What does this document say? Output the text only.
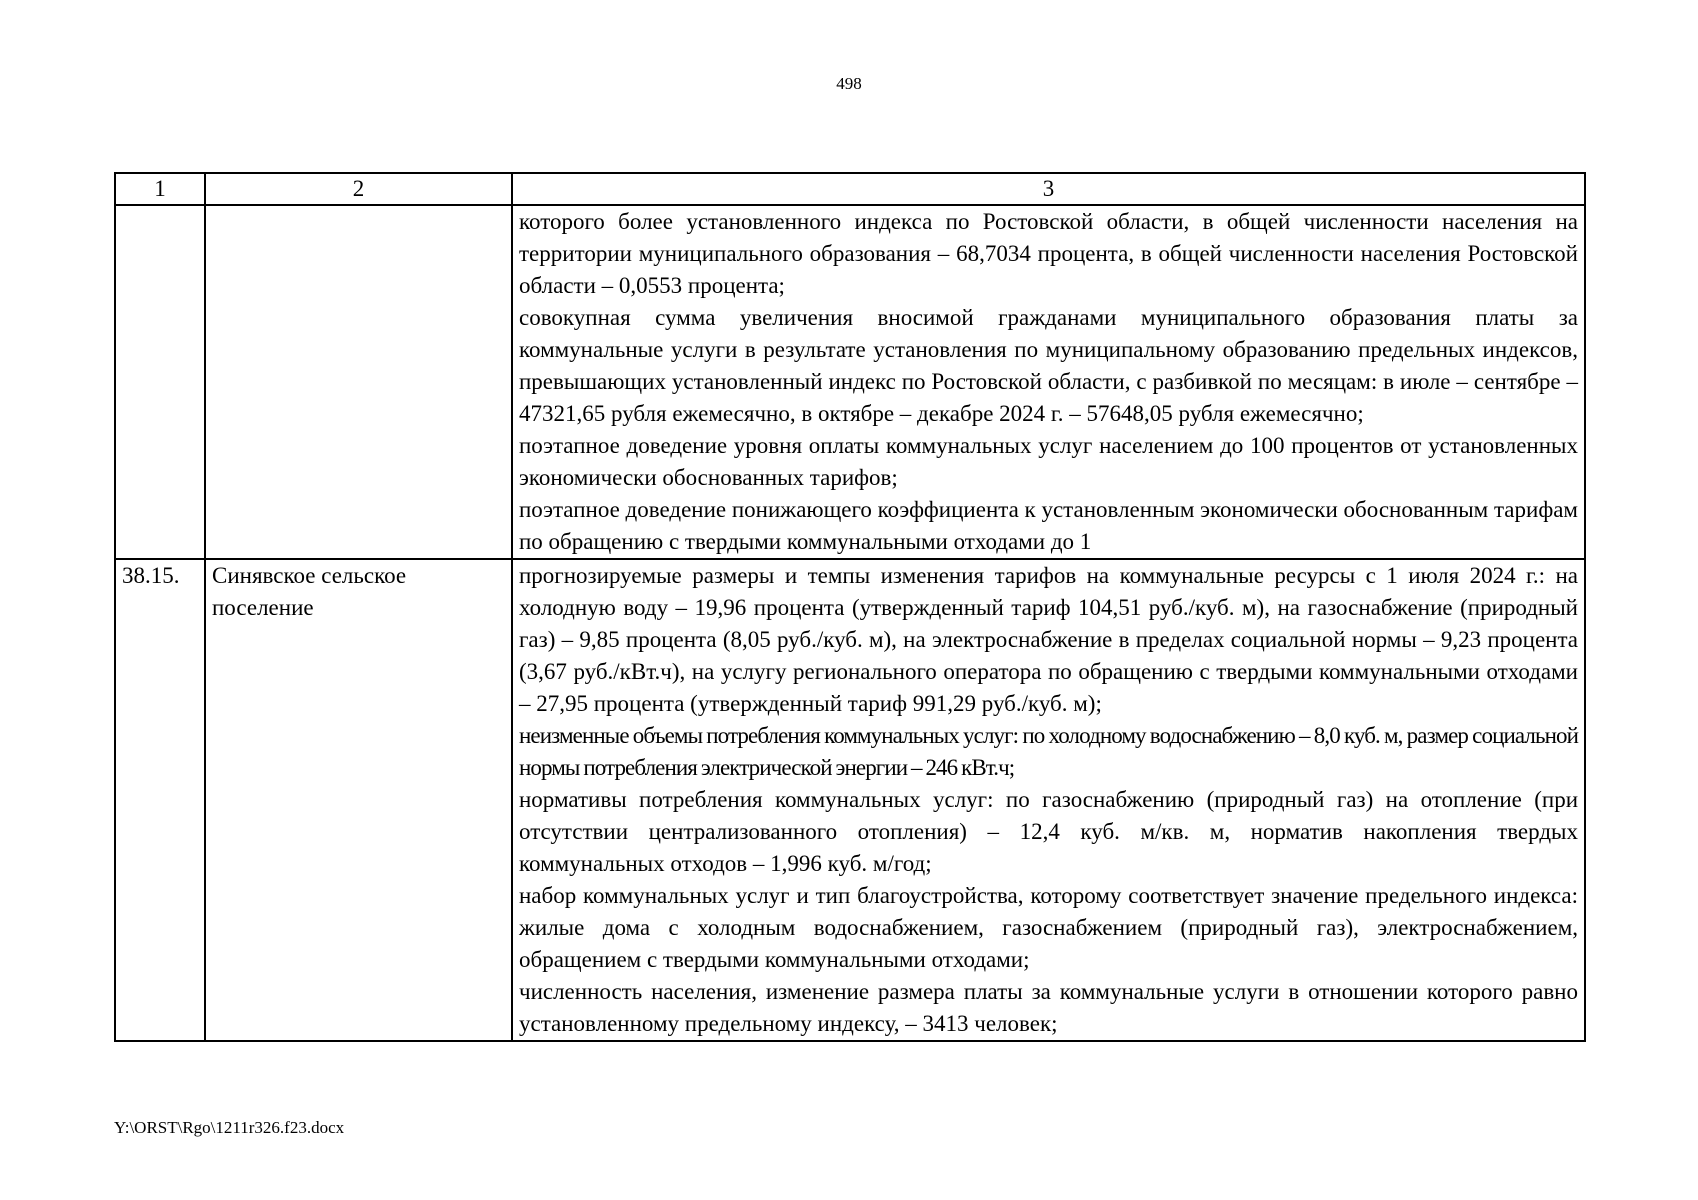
498
1	2	3

		которого более установленного индекса по Ростовской области, в общей численности населения на территории муниципального образования – 68,7034 процента, в общей численности населения Ростовской области – 0,0553 процента;

совокупная сумма увеличения вносимой гражданами муниципального образования платы за коммунальные услуги в результате установления по муниципальному образованию предельных индексов, превышающих установленный индекс по Ростовской области, с разбивкой по месяцам: в июле – сентябре – 47321,65 рубля ежемесячно, в октябре – декабре 2024 г. – 57648,05 рубля ежемесячно;

поэтапное доведение уровня оплаты коммунальных услуг населением до 100 процентов от установленных экономически обоснованных тарифов;

поэтапное доведение понижающего коэффициента к установленным экономически обоснованным тарифам по обращению с твердыми коммунальными отходами до 1

38.15.	Синявское сельское поселение	прогнозируемые размеры и темпы изменения тарифов на коммунальные ресурсы с 1 июля 2024 г.: на холодную воду – 19,96 процента (утвержденный тариф 104,51 руб./куб. м), на газоснабжение (природный газ) – 9,85 процента (8,05 руб./куб. м), на электроснабжение в пределах социальной нормы – 9,23 процента (3,67 руб./кВт.ч), на услугу регионального оператора по обращению с твердыми коммунальными отходами – 27,95 процента (утвержденный тариф 991,29 руб./куб. м);

неизменные объемы потребления коммунальных услуг: по холодному водоснабжению – 8,0 куб. м, размер социальной нормы потребления электрической энергии – 246 кВт.ч;

нормативы потребления коммунальных услуг: по газоснабжению (природный газ) на отопление (при отсутствии централизованного отопления) – 12,4 куб. м/кв. м, норматив накопления твердых коммунальных отходов – 1,996 куб. м/год;

набор коммунальных услуг и тип благоустройства, которому соответствует значение предельного индекса: жилые дома с холодным водоснабжением, газоснабжением (природный газ), электроснабжением, обращением с твердыми коммунальными отходами;

численность населения, изменение размера платы за коммунальные услуги в отношении которого равно установленному предельному индексу, – 3413 человек;

Y:\ORST\Rgo\1211r326.f23.docx
